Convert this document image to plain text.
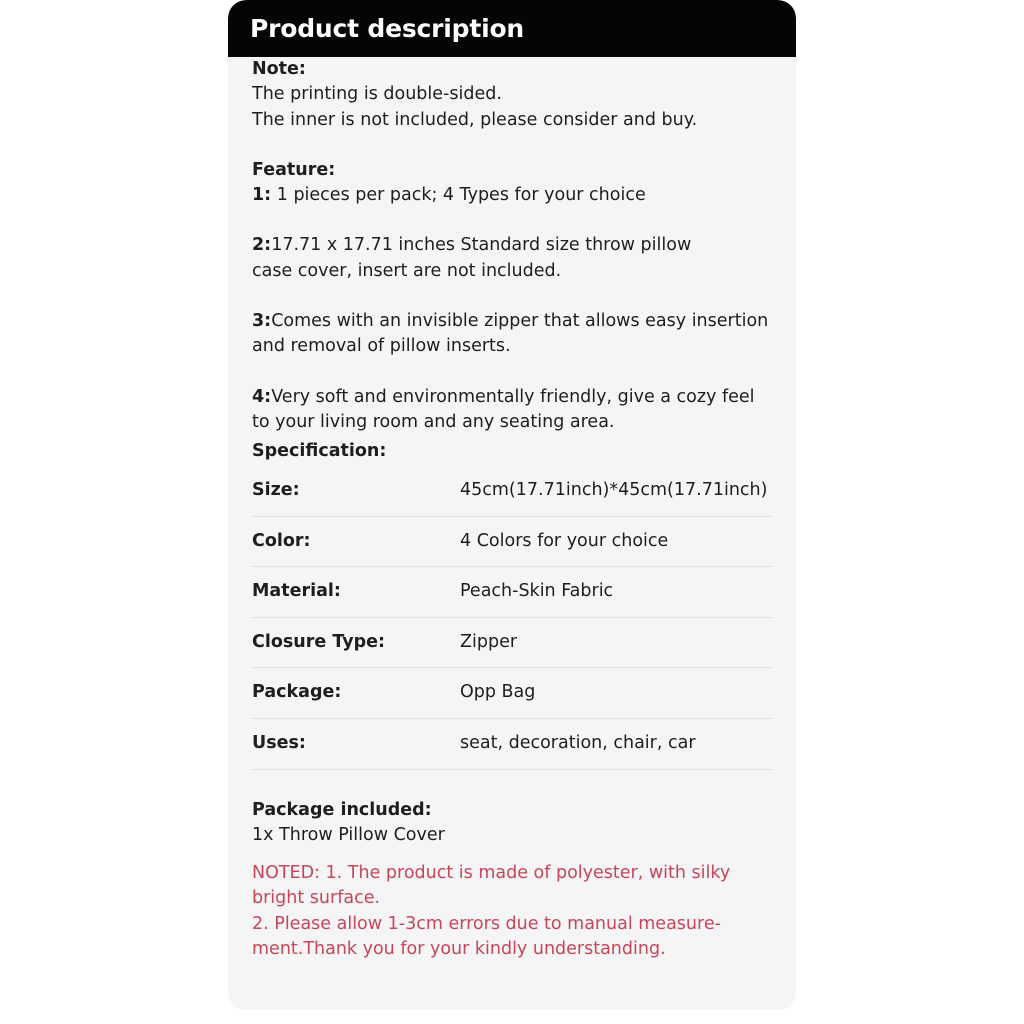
Product description

Note:

The printing is double-sided.

The inner is not included, please consider and buy.

Feature:

1: 1 pieces per pack; 4 Types for your choice

2:17.71 x 17.71 inches Standard size throw pillow case cover, insert are not included.

3:Comes with an invisible zipper that allows easy insertion and removal of pillow inserts.

4:Very soft and environmentally friendly, give a cozy feel to your living room and any seating area.

Specification:

Size:	45cm(17.71inch)*45cm(17.71inch)
Color:	4 Colors for your choice
Material:	Peach-Skin Fabric
Closure Type:	Zipper
Package:	Opp Bag
Uses:	seat, decoration, chair, car

Package included:

1x Throw Pillow Cover

NOTED: 1. The product is made of polyester, with silky bright surface.

2. Please allow 1-3cm errors due to manual measure-ment.Thank you for your kindly understanding.
